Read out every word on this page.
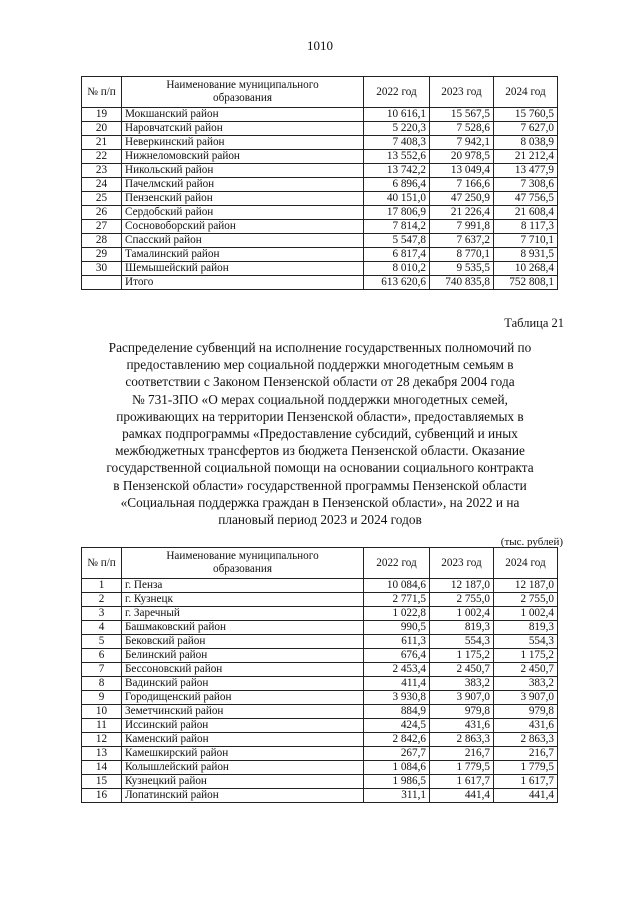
1010
№ п/п	Наименование муниципального образования	2022 год	2023 год	2024 год
19	Мокшанский район	10 616,1	15 567,5	15 760,5
20	Наровчатский район	5 220,3	7 528,6	7 627,0
21	Неверкинский район	7 408,3	7 942,1	8 038,9
22	Нижнеломовский район	13 552,6	20 978,5	21 212,4
23	Никольский район	13 742,2	13 049,4	13 477,9
24	Пачелмский район	6 896,4	7 166,6	7 308,6
25	Пензенский район	40 151,0	47 250,9	47 756,5
26	Сердобский район	17 806,9	21 226,4	21 608,4
27	Сосновоборский район	7 814,2	7 991,8	8 117,3
28	Спасский район	5 547,8	7 637,2	7 710,1
29	Тамалинский район	6 817,4	8 770,1	8 931,5
30	Шемышейский район	8 010,2	9 535,5	10 268,4
	Итого	613 620,6	740 835,8	752 808,1
Таблица 21
Распределение субвенций на исполнение государственных полномочий по
предоставлению мер социальной поддержки многодетным семьям в
соответствии с Законом Пензенской области от 28 декабря 2004 года
№ 731-ЗПО «О мерах социальной поддержки многодетных семей,
проживающих на территории Пензенской области», предоставляемых в
рамках подпрограммы «Предоставление субсидий, субвенций и иных
межбюджетных трансфертов из бюджета Пензенской области. Оказание
государственной социальной помощи на основании социального контракта
в Пензенской области» государственной программы Пензенской области
«Социальная поддержка граждан в Пензенской области», на 2022 и на
плановый период 2023 и 2024 годов
(тыс. рублей)
№ п/п	Наименование муниципального образования	2022 год	2023 год	2024 год
1	г. Пенза	10 084,6	12 187,0	12 187,0
2	г. Кузнецк	2 771,5	2 755,0	2 755,0
3	г. Заречный	1 022,8	1 002,4	1 002,4
4	Башмаковский район	990,5	819,3	819,3
5	Бековский район	611,3	554,3	554,3
6	Белинский район	676,4	1 175,2	1 175,2
7	Бессоновский район	2 453,4	2 450,7	2 450,7
8	Вадинский район	411,4	383,2	383,2
9	Городищенский район	3 930,8	3 907,0	3 907,0
10	Земетчинский район	884,9	979,8	979,8
11	Иссинский район	424,5	431,6	431,6
12	Каменский район	2 842,6	2 863,3	2 863,3
13	Камешкирский район	267,7	216,7	216,7
14	Колышлейский район	1 084,6	1 779,5	1 779,5
15	Кузнецкий район	1 986,5	1 617,7	1 617,7
16	Лопатинский район	311,1	441,4	441,4
